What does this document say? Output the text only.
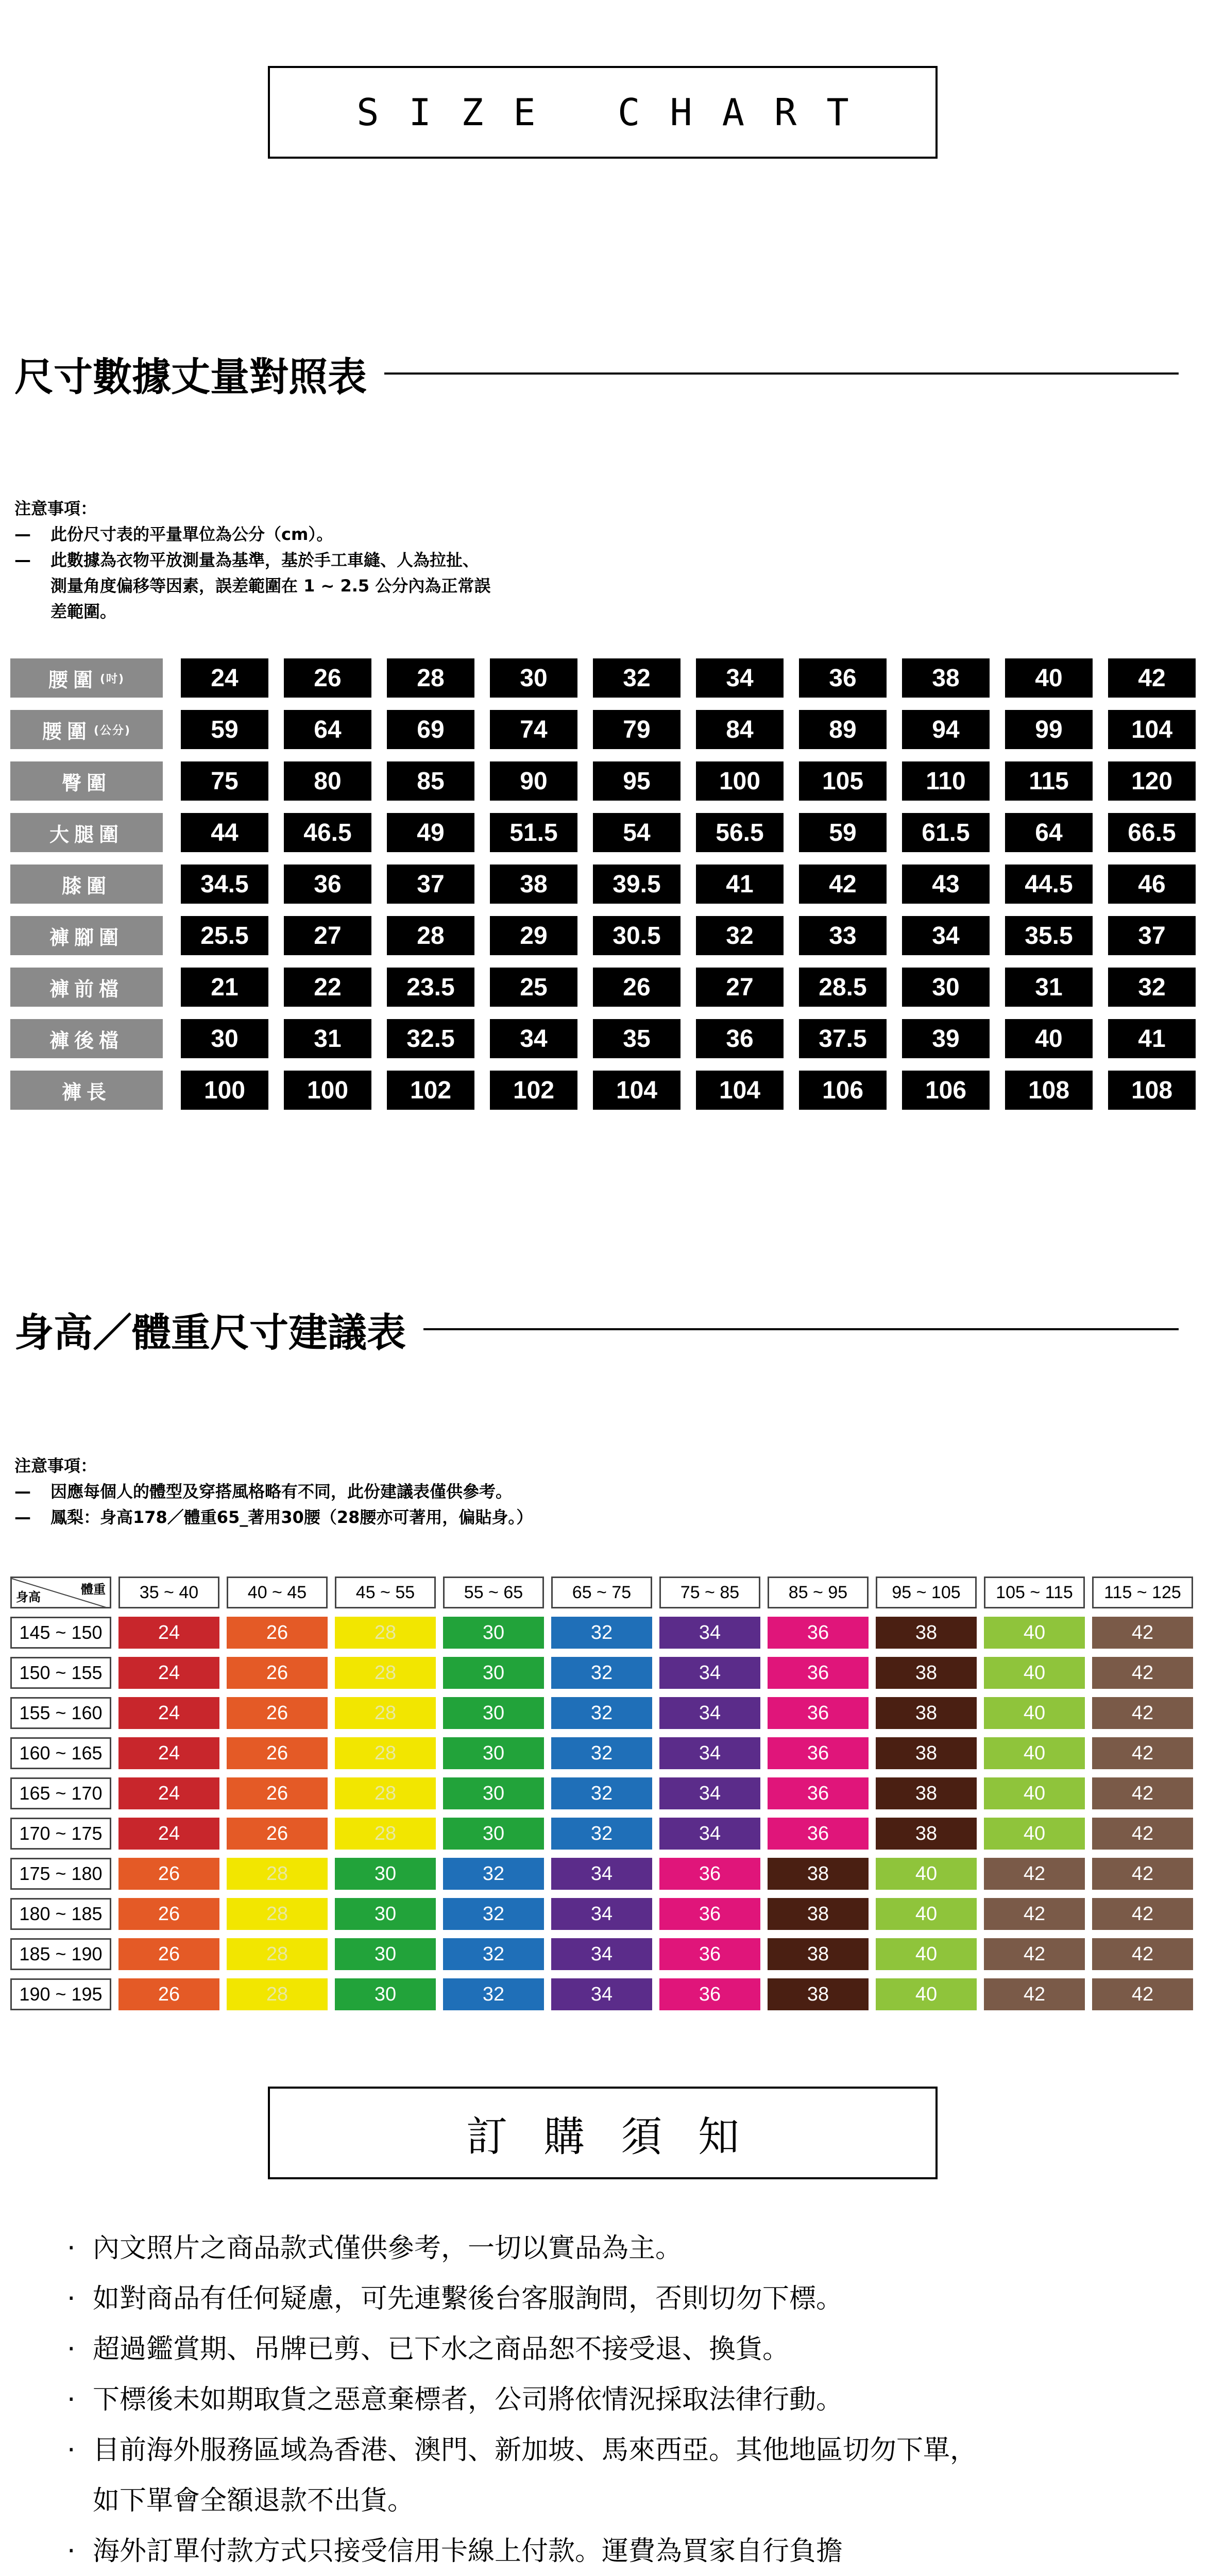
SIZE CHART
尺寸數據丈量對照表
注意事項：
—	此份尺寸表的平量單位為公分（cm）。
—	此數據為衣物平放測量為基準，基於手工車縫、人為拉扯、
測量角度偏移等因素，誤差範圍在 1 ~ 2.5 公分內為正常誤
差範圍。
腰圍 (吋)	24	26	28	30	32	34	36	38	40	42
腰圍 (公分)	59	64	69	74	79	84	89	94	99	104
臀圍	75	80	85	90	95	100	105	110	115	120
大腿圍	44	46.5	49	51.5	54	56.5	59	61.5	64	66.5
膝圍	34.5	36	37	38	39.5	41	42	43	44.5	46
褲腳圍	25.5	27	28	29	30.5	32	33	34	35.5	37
褲前檔	21	22	23.5	25	26	27	28.5	30	31	32
褲後檔	30	31	32.5	34	35	36	37.5	39	40	41
褲長	100	100	102	102	104	104	106	106	108	108
身高／體重尺寸建議表
注意事項：
—	因應每個人的體型及穿搭風格略有不同，此份建議表僅供參考。
—	鳳梨：身高178／體重65_著用30腰（28腰亦可著用，偏貼身。）
身高
體重	35 ~ 40	40 ~ 45	45 ~ 55	55 ~ 65	65 ~ 75	75 ~ 85	85 ~ 95	95 ~ 105	105 ~ 115	115 ~ 125
145 ~ 150	24	26	28	30	32	34	36	38	40	42
150 ~ 155	24	26	28	30	32	34	36	38	40	42
155 ~ 160	24	26	28	30	32	34	36	38	40	42
160 ~ 165	24	26	28	30	32	34	36	38	40	42
165 ~ 170	24	26	28	30	32	34	36	38	40	42
170 ~ 175	24	26	28	30	32	34	36	38	40	42
175 ~ 180	26	28	30	32	34	36	38	40	42	42
180 ~ 185	26	28	30	32	34	36	38	40	42	42
185 ~ 190	26	28	30	32	34	36	38	40	42	42
190 ~ 195	26	28	30	32	34	36	38	40	42	42
訂購須知
· 內文照片之商品款式僅供參考，一切以實品為主。
· 如對商品有任何疑慮，可先連繫後台客服詢問，否則切勿下標。
· 超過鑑賞期、吊牌已剪、已下水之商品恕不接受退、換貨。
· 下標後未如期取貨之惡意棄標者，公司將依情況採取法律行動。
· 目前海外服務區域為香港、澳門、新加坡、馬來西亞。其他地區切勿下單，
如下單會全額退款不出貨。
· 海外訂單付款方式只接受信用卡線上付款。運費為買家自行負擔
